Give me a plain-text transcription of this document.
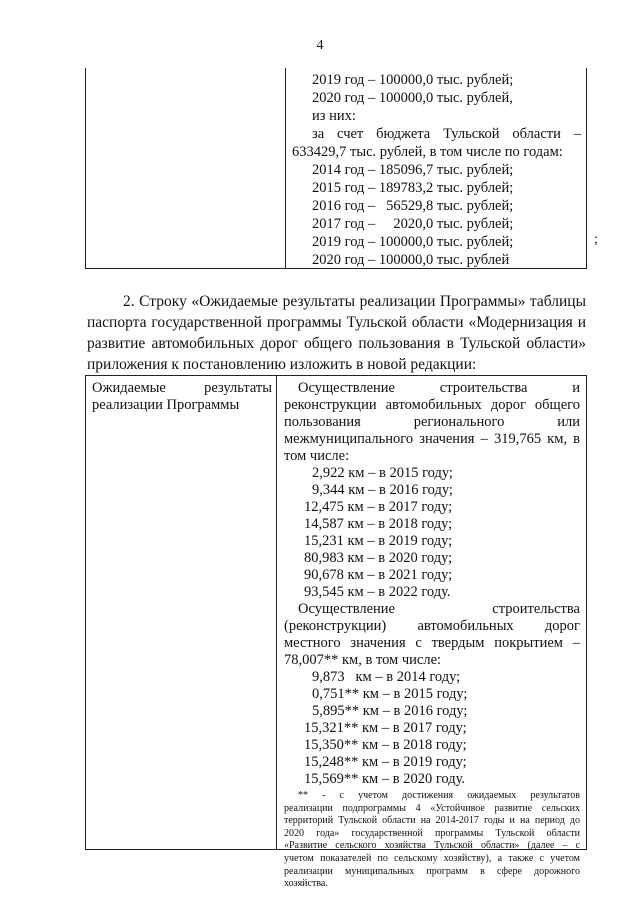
4
2019 год – 100000,0 тыс. рублей;
2020 год – 100000,0 тыс. рублей,
из них:
за счет бюджета Тульской области –
633429,7 тыс. рублей, в том числе по годам:
2014 год – 185096,7 тыс. рублей;
2015 год – 189783,2 тыс. рублей;
2016 год –   56529,8 тыс. рублей;
2017 год –     2020,0 тыс. рублей;
2019 год – 100000,0 тыс. рублей;
2020 год – 100000,0 тыс. рублей
;
2. Строку «Ожидаемые результаты реализации Программы» таблицы
паспорта государственной программы Тульской области «Модернизация и
развитие автомобильных дорог общего пользования в Тульской области»
приложения к постановлению изложить в новой редакции:
Ожидаемые результаты
реализации Программы
Осуществление строительства и
реконструкции автомобильных дорог общего
пользования регионального или
межмуниципального значения – 319,765 км, в
том числе:
2,922 км – в 2015 году;
9,344 км – в 2016 году;
12,475 км – в 2017 году;
14,587 км – в 2018 году;
15,231 км – в 2019 году;
80,983 км – в 2020 году;
90,678 км – в 2021 году;
93,545 км – в 2022 году.
Осуществление строительства
(реконструкции) автомобильных дорог
местного значения с твердым покрытием –
78,007** км, в том числе:
9,873   км – в 2014 году;
0,751** км – в 2015 году;
5,895** км – в 2016 году;
15,321** км – в 2017 году;
15,350** км – в 2018 году;
15,248** км – в 2019 году;
15,569** км – в 2020 году.
** - с учетом достижения ожидаемых результатов
реализации подпрограммы 4 «Устойчивое развитие сельских
территорий Тульской области на 2014-2017 годы и на период до
2020 года» государственной программы Тульской области
«Развитие сельского хозяйства Тульской области» (далее – с
учетом показателей по сельскому хозяйству), а также с учетом
реализации муниципальных программ в сфере дорожного
хозяйства.
